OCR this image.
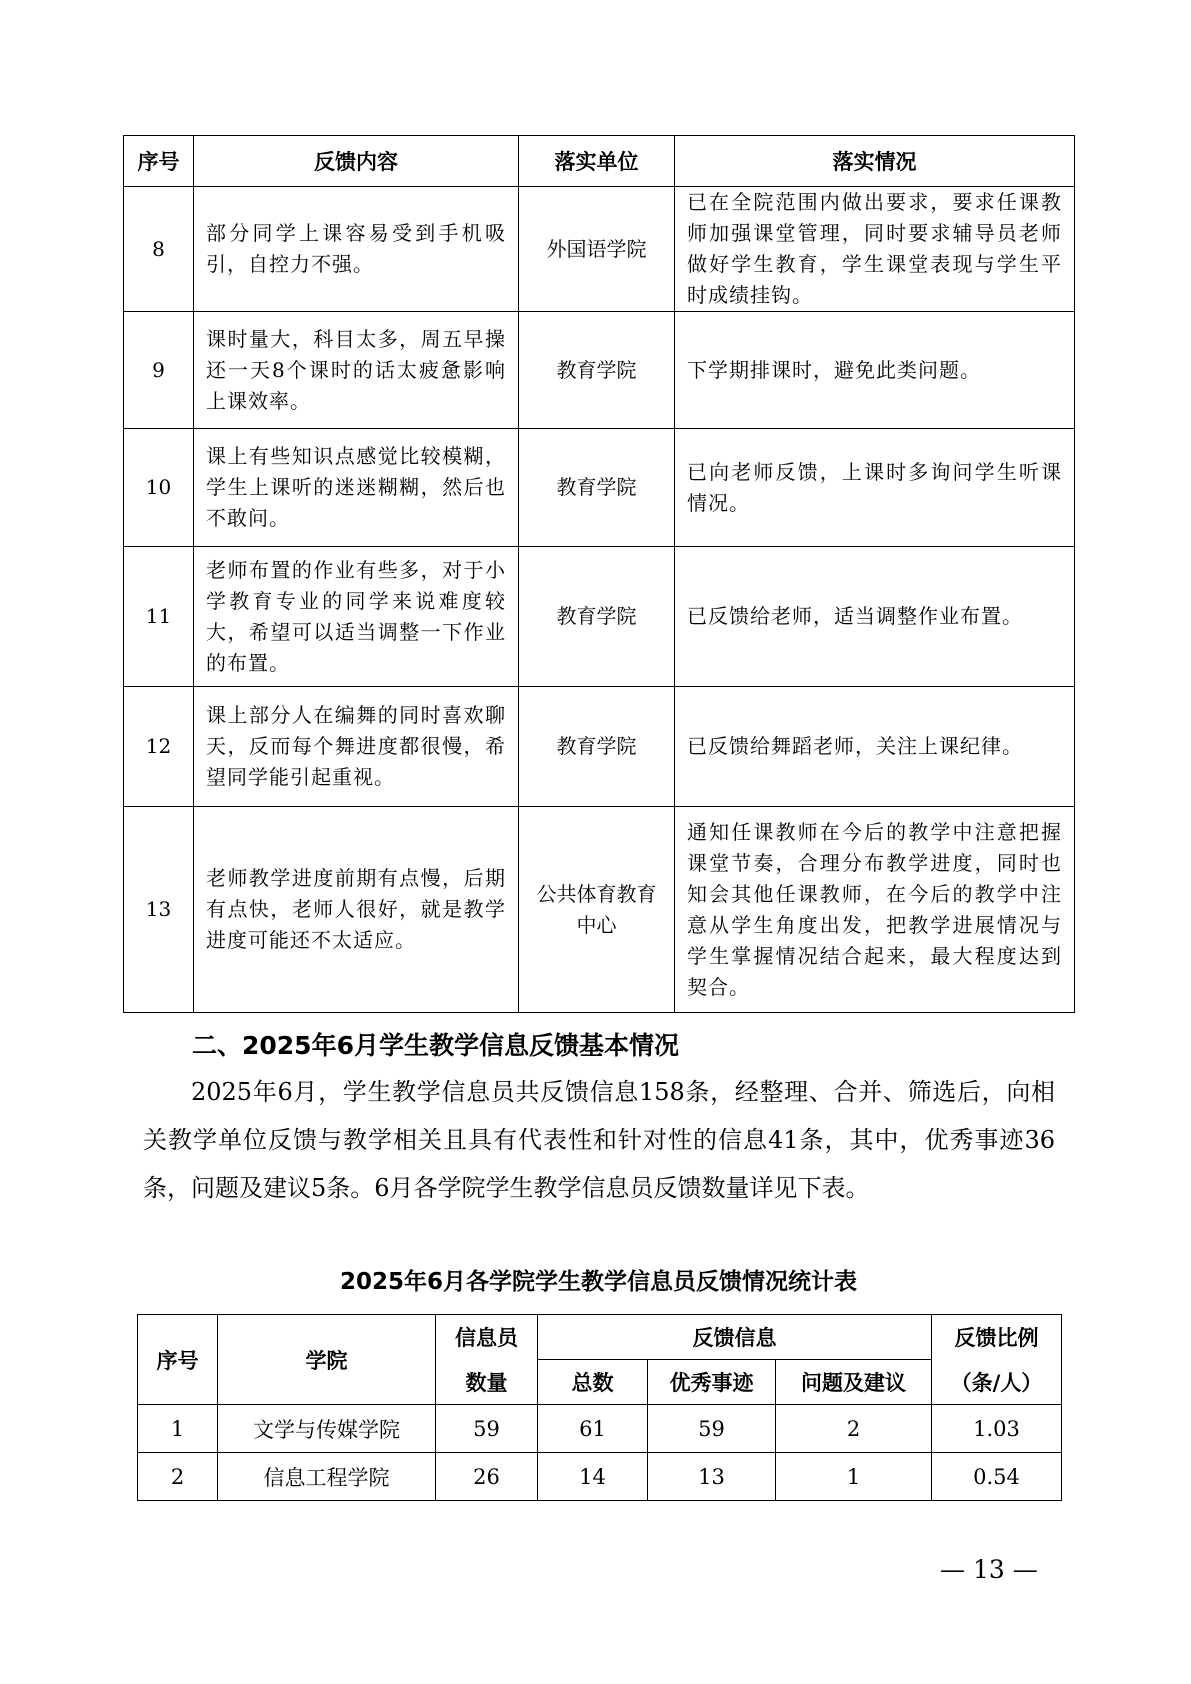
序号	反馈内容	落实单位	落实情况
8	部分同学上课容易受到手机吸引，自控力不强。	外国语学院	已在全院范围内做出要求，要求任课教师加强课堂管理，同时要求辅导员老师做好学生教育，学生课堂表现与学生平时成绩挂钩。
9	课时量大，科目太多，周五早操还一天8个课时的话太疲惫影响上课效率。	教育学院	下学期排课时，避免此类问题。
10	课上有些知识点感觉比较模糊，学生上课听的迷迷糊糊，然后也不敢问。	教育学院	已向老师反馈，上课时多询问学生听课情况。
11	老师布置的作业有些多，对于小学教育专业的同学来说难度较大，希望可以适当调整一下作业的布置。	教育学院	已反馈给老师，适当调整作业布置。
12	课上部分人在编舞的同时喜欢聊天，反而每个舞进度都很慢，希望同学能引起重视。	教育学院	已反馈给舞蹈老师，关注上课纪律。
13	老师教学进度前期有点慢，后期有点快，老师人很好，就是教学进度可能还不太适应。	公共体育教育中心	通知任课教师在今后的教学中注意把握课堂节奏，合理分布教学进度，同时也知会其他任课教师，在今后的教学中注意从学生角度出发，把教学进展情况与学生掌握情况结合起来，最大程度达到契合。
二、2025年6月学生教学信息反馈基本情况

2025年6月，学生教学信息员共反馈信息158条，经整理、合并、筛选后，向相关教学单位反馈与教学相关且具有代表性和针对性的信息41条，其中，优秀事迹36条，问题及建议5条。6月各学院学生教学信息员反馈数量详见下表。

2025年6月各学院学生教学信息员反馈情况统计表

序号	学院	信息员	反馈信息			反馈比例
		数量	总数	优秀事迹	问题及建议	（条/人）
1	文学与传媒学院	59	61	59	2	1.03
2	信息工程学院	26	14	13	1	0.54

— 13 —
